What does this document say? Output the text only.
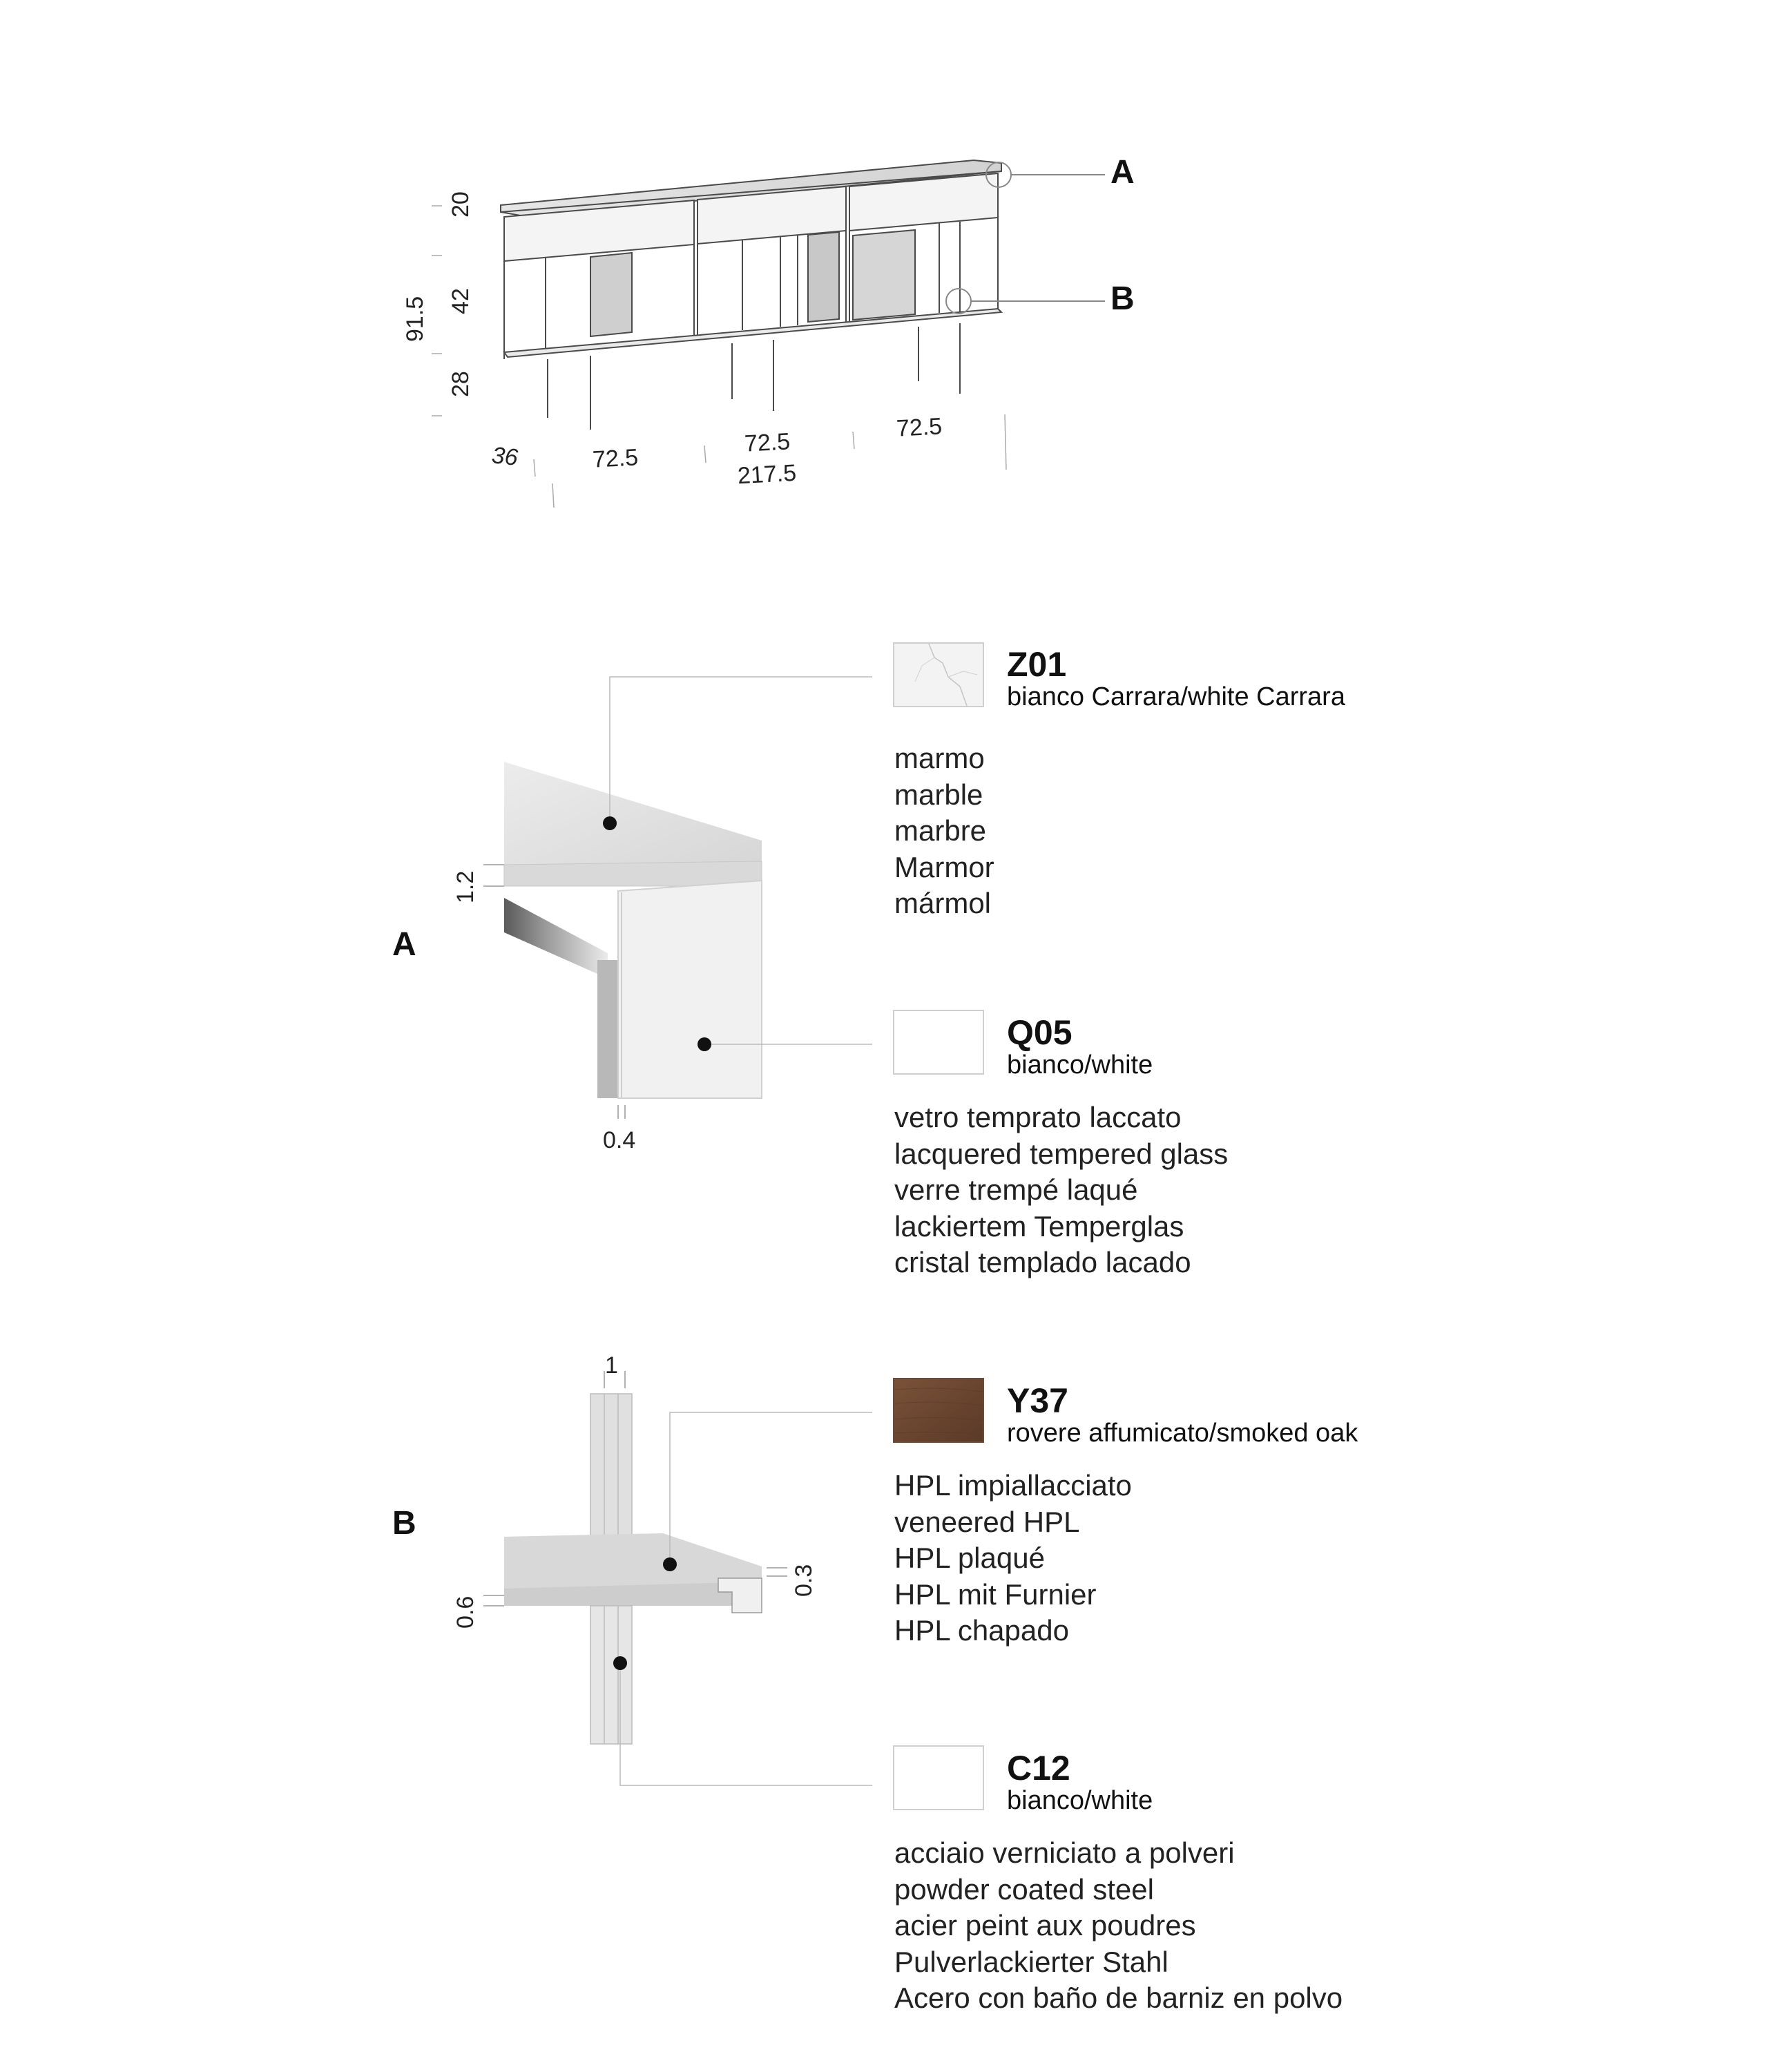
A
B
20
42
91.5
28
36	72.5
72.5
72.5
217.5
A
1.2
0.4
B
1
0.3
0.6
Z01
bianco Carrara/white Carrara
marmo
marble
marbre
Marmor
mármol
Q05
bianco/white
vetro temprato laccato
lacquered tempered glass
verre trempé laqué
lackiertem Temperglas
cristal templado lacado
Y37
rovere affumicato/smoked oak
HPL impiallacciato
veneered HPL
HPL plaqué
HPL mit Furnier
HPL chapado
C12
bianco/white
acciaio verniciato a polveri
powder coated steel
acier peint aux poudres
Pulverlackierter Stahl
Acero con baño de barniz en polvo
